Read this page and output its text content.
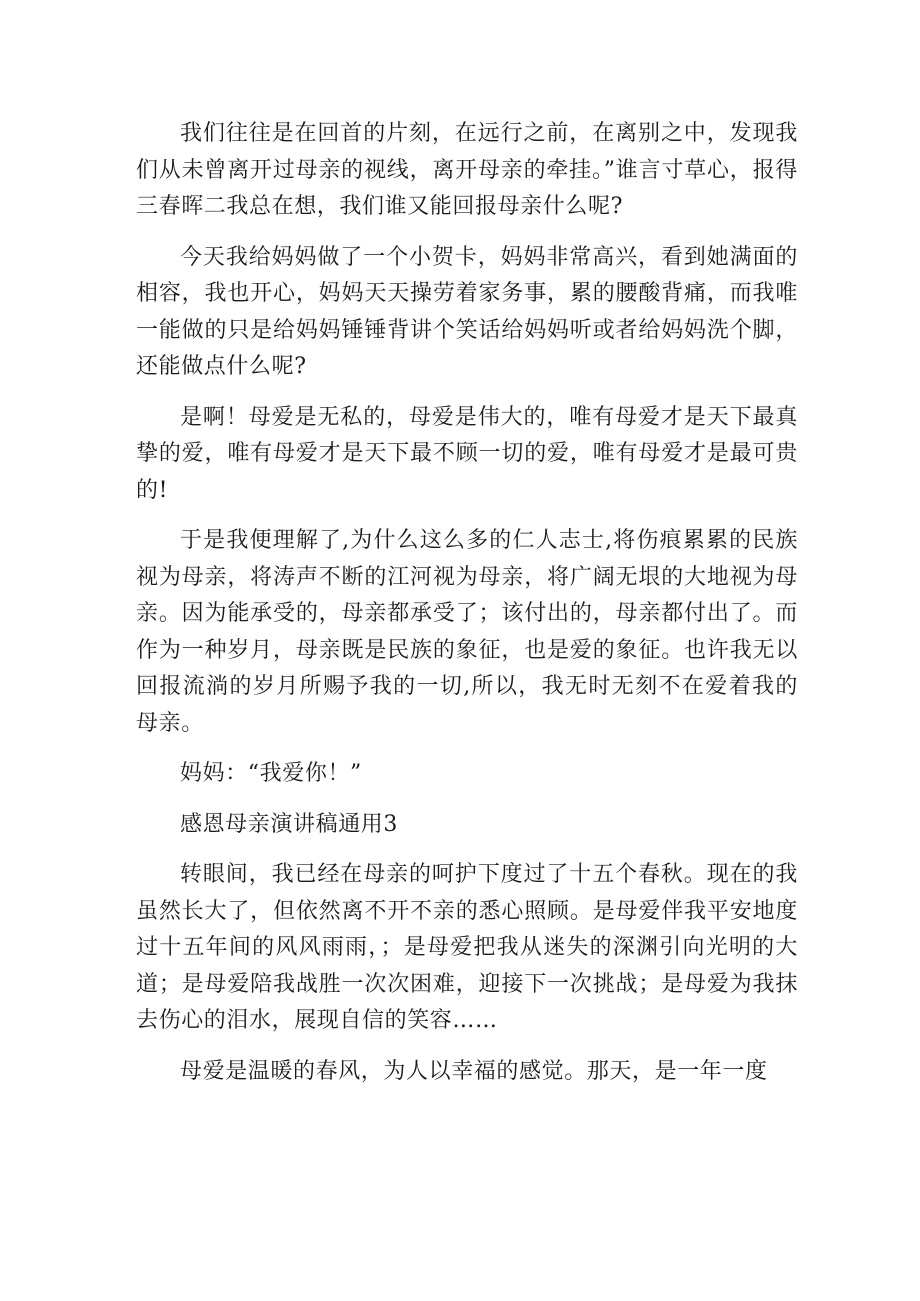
我们往往是在回首的片刻，在远行之前，在离别之中，发现我们从未曾离开过母亲的视线，离开母亲的牵挂。”谁言寸草心，报得三春晖二我总在想，我们谁又能回报母亲什么呢?

今天我给妈妈做了一个小贺卡，妈妈非常高兴，看到她满面的相容，我也开心，妈妈天天操劳着家务事，累的腰酸背痛，而我唯一能做的只是给妈妈锤锤背讲个笑话给妈妈听或者给妈妈洗个脚，还能做点什么呢?

是啊！母爱是无私的，母爱是伟大的，唯有母爱才是天下最真挚的爱，唯有母爱才是天下最不顾一切的爱，唯有母爱才是最可贵的!

于是我便理解了,为什么这么多的仁人志士,将伤痕累累的民族视为母亲，将涛声不断的江河视为母亲，将广阔无垠的大地视为母亲。因为能承受的，母亲都承受了；该付出的，母亲都付出了。而作为一种岁月，母亲既是民族的象征，也是爱的象征。也许我无以回报流淌的岁月所赐予我的一切,所以，我无时无刻不在爱着我的母亲。

妈妈：“我爱你！”

感恩母亲演讲稿通用3

转眼间，我已经在母亲的呵护下度过了十五个春秋。现在的我虽然长大了，但依然离不开不亲的悉心照顾。是母爱伴我平安地度过十五年间的风风雨雨，；是母爱把我从迷失的深渊引向光明的大道；是母爱陪我战胜一次次困难，迎接下一次挑战；是母爱为我抹去伤心的泪水，展现自信的笑容……

母爱是温暖的春风，为人以幸福的感觉。那天，是一年一度
